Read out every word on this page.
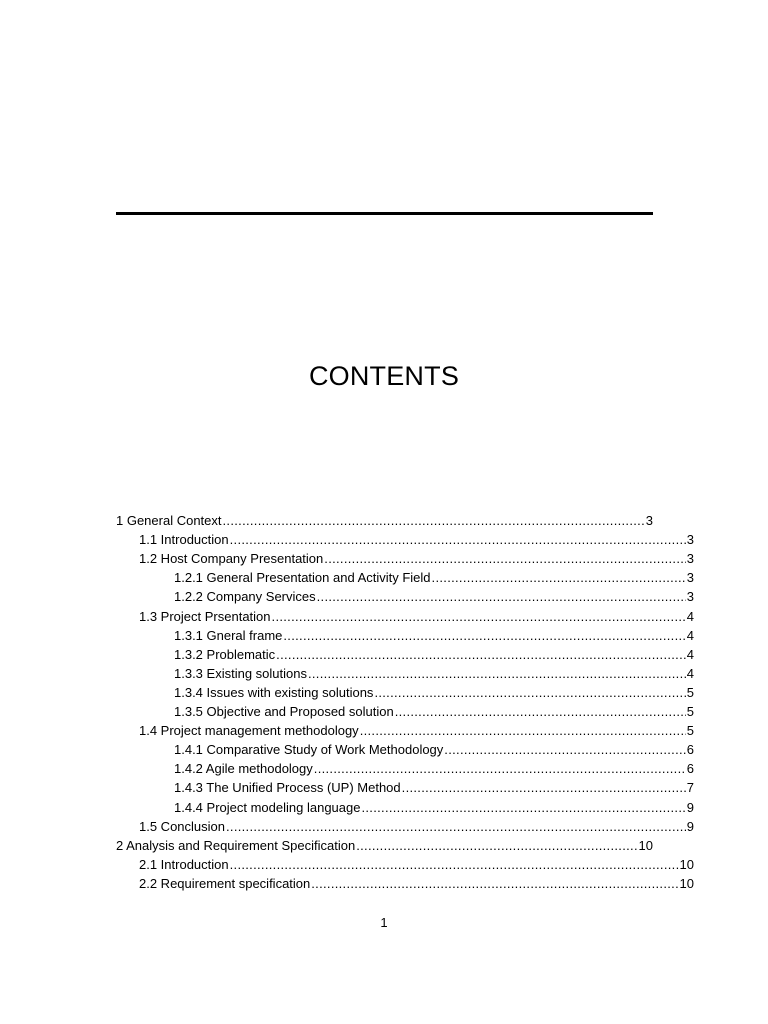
CONTENTS
1 General Context .....	3
1.1 Introduction .....	3
1.2 Host Company Presentation .....	3
1.2.1 General Presentation and Activity Field .....	3
1.2.2 Company Services .....	3
1.3 Project Prsentation .....	4
1.3.1 Gneral frame .....	4
1.3.2 Problematic .....	4
1.3.3 Existing solutions .....	4
1.3.4 Issues with existing solutions .....	5
1.3.5 Objective and Proposed solution .....	5
1.4 Project management methodology .....	5
1.4.1 Comparative Study of Work Methodology .....	6
1.4.2 Agile methodology .....	6
1.4.3 The Unified Process (UP) Method .....	7
1.4.4 Project modeling language .....	9
1.5 Conclusion .....	9
2 Analysis and Requirement Specification .....	10
2.1 Introduction .....	10
2.2 Requirement specification .....	10
1
